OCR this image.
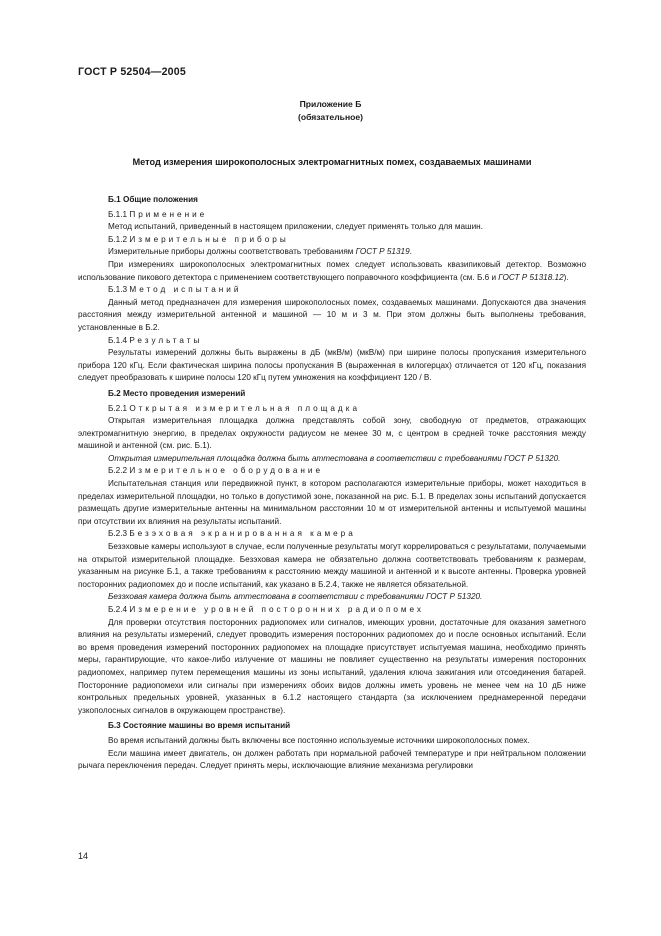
ГОСТ Р 52504—2005
Приложение Б
(обязательное)
Метод измерения широкополосных электромагнитных помех, создаваемых машинами

Б.1 Общие положения

Б.1.1 Применение

Метод испытаний, приведенный в настоящем приложении, следует применять только для машин.

Б.1.2 Измерительные приборы

Измерительные приборы должны соответствовать требованиям ГОСТ Р 51319.

При измерениях широкополосных электромагнитных помех следует использовать квазипиковый детектор. Возможно использование пикового детектора с применением соответствующего поправочного коэффициента (см. Б.6 и ГОСТ Р 51318.12).

Б.1.3 Метод испытаний

Данный метод предназначен для измерения широкополосных помех, создаваемых машинами. Допускаются два значения расстояния между измерительной антенной и машиной — 10 м и 3 м. При этом должны быть выполнены требования, установленные в Б.2.

Б.1.4 Результаты

Результаты измерений должны быть выражены в дБ (мкВ/м) (мкВ/м) при ширине полосы пропускания измерительного прибора 120 кГц. Если фактическая ширина полосы пропускания B (выраженная в килогерцах) отличается от 120 кГц, показания следует преобразовать к ширине полосы 120 кГц путем умножения на коэффициент 120 / B.

Б.2 Место проведения измерений

Б.2.1 Открытая измерительная площадка

Открытая измерительная площадка должна представлять собой зону, свободную от предметов, отражающих электромагнитную энергию, в пределах окружности радиусом не менее 30 м, с центром в средней точке расстояния между машиной и антенной (см. рис. Б.1).

Открытая измерительная площадка должна быть аттестована в соответствии с требованиями ГОСТ Р 51320.

Б.2.2 Измерительное оборудование

Испытательная станция или передвижной пункт, в котором располагаются измерительные приборы, может находиться в пределах измерительной площадки, но только в допустимой зоне, показанной на рис. Б.1. В пределах зоны испытаний допускается размещать другие измерительные антенны на минимальном расстоянии 10 м от измерительной антенны и испытуемой машины при отсутствии их влияния на результаты испытаний.

Б.2.3 Безэховая экранированная камера

Безэховые камеры используют в случае, если полученные результаты могут коррелироваться с результатами, получаемыми на открытой измерительной площадке. Безэховая камера не обязательно должна соответствовать требованиям к размерам, указанным на рисунке Б.1, а также требованиям к расстоянию между машиной и антенной и к высоте антенны. Проверка уровней посторонних радиопомех до и после испытаний, как указано в Б.2.4, также не является обязательной.

Безэховая камера должна быть аттестована в соответствии с требованиями ГОСТ Р 51320.

Б.2.4 Измерение уровней посторонних радиопомех

Для проверки отсутствия посторонних радиопомех или сигналов, имеющих уровни, достаточные для оказания заметного влияния на результаты измерений, следует проводить измерения посторонних радиопомех до и после основных испытаний. Если во время проведения измерений посторонних радиопомех на площадке присутствует испытуемая машина, необходимо принять меры, гарантирующие, что какое-либо излучение от машины не повлияет существенно на результаты измерения посторонних радиопомех, например путем перемещения машины из зоны испытаний, удаления ключа зажигания или отсоединения батарей. Посторонние радиопомехи или сигналы при измерениях обоих видов должны иметь уровень не менее чем на 10 дБ ниже контрольных предельных уровней, указанных в 6.1.2 настоящего стандарта (за исключением преднамеренной передачи узкополосных сигналов в окружающем пространстве).

Б.3 Состояние машины во время испытаний

Во время испытаний должны быть включены все постоянно используемые источники широкополосных помех.

Если машина имеет двигатель, он должен работать при нормальной рабочей температуре и при нейтральном положении рычага переключения передач. Следует принять меры, исключающие влияние механизма регулировки

14
